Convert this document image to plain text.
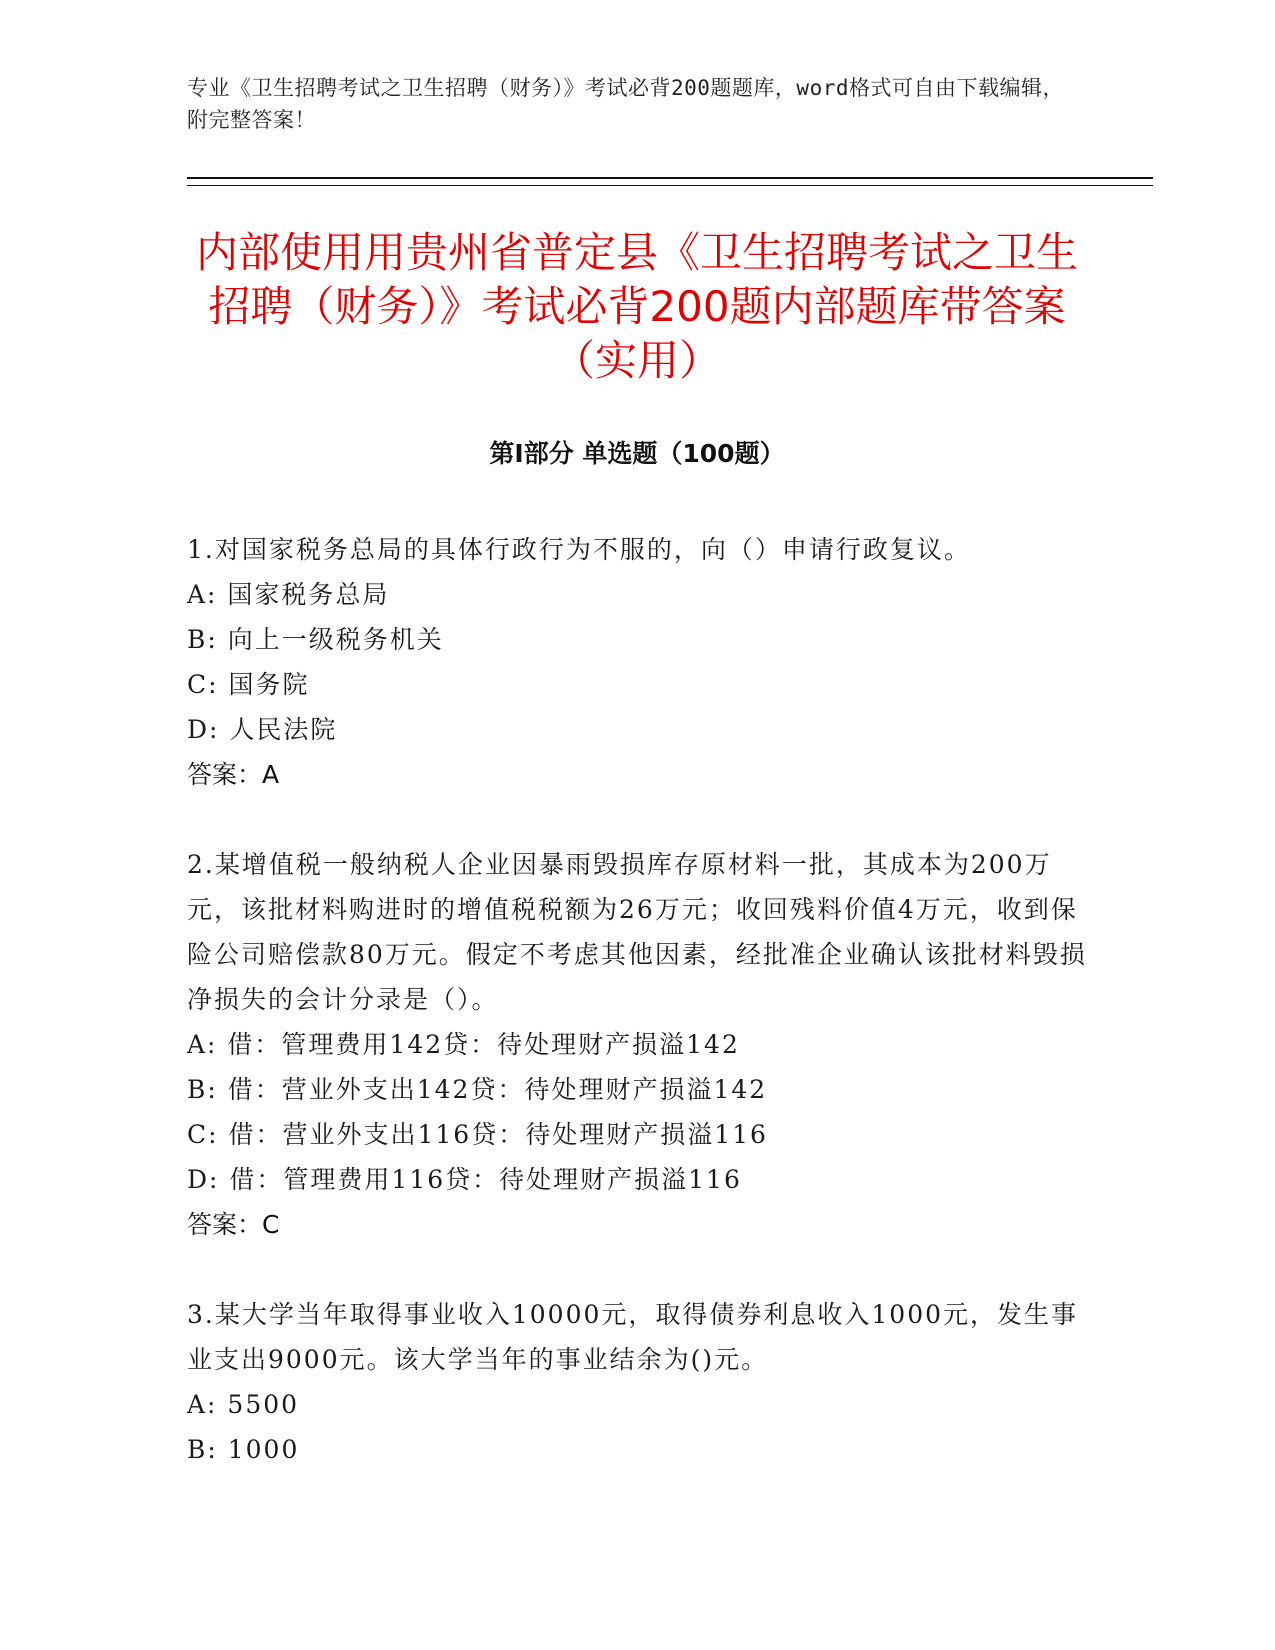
专业《卫生招聘考试之卫生招聘（财务）》考试必背200题题库，word格式可自由下载编辑，附完整答案！
内部使用用贵州省普定县《卫生招聘考试之卫生招聘（财务）》考试必背200题内部题库带答案（实用）
第I部分 单选题（100题）

1.对国家税务总局的具体行政行为不服的，向（）申请行政复议。

A: 国家税务总局

B: 向上一级税务机关

C: 国务院

D: 人民法院

答案：A

2.某增值税一般纳税人企业因暴雨毁损库存原材料一批，其成本为200万元，该批材料购进时的增值税税额为26万元；收回残料价值4万元，收到保险公司赔偿款80万元。假定不考虑其他因素，经批准企业确认该批材料毁损净损失的会计分录是（）。

A: 借：管理费用142贷：待处理财产损溢142

B: 借：营业外支出142贷：待处理财产损溢142

C: 借：营业外支出116贷：待处理财产损溢116

D: 借：管理费用116贷：待处理财产损溢116

答案：C

3.某大学当年取得事业收入10000元，取得债券利息收入1000元，发生事业支出9000元。该大学当年的事业结余为()元。

A: 5500

B: 1000
